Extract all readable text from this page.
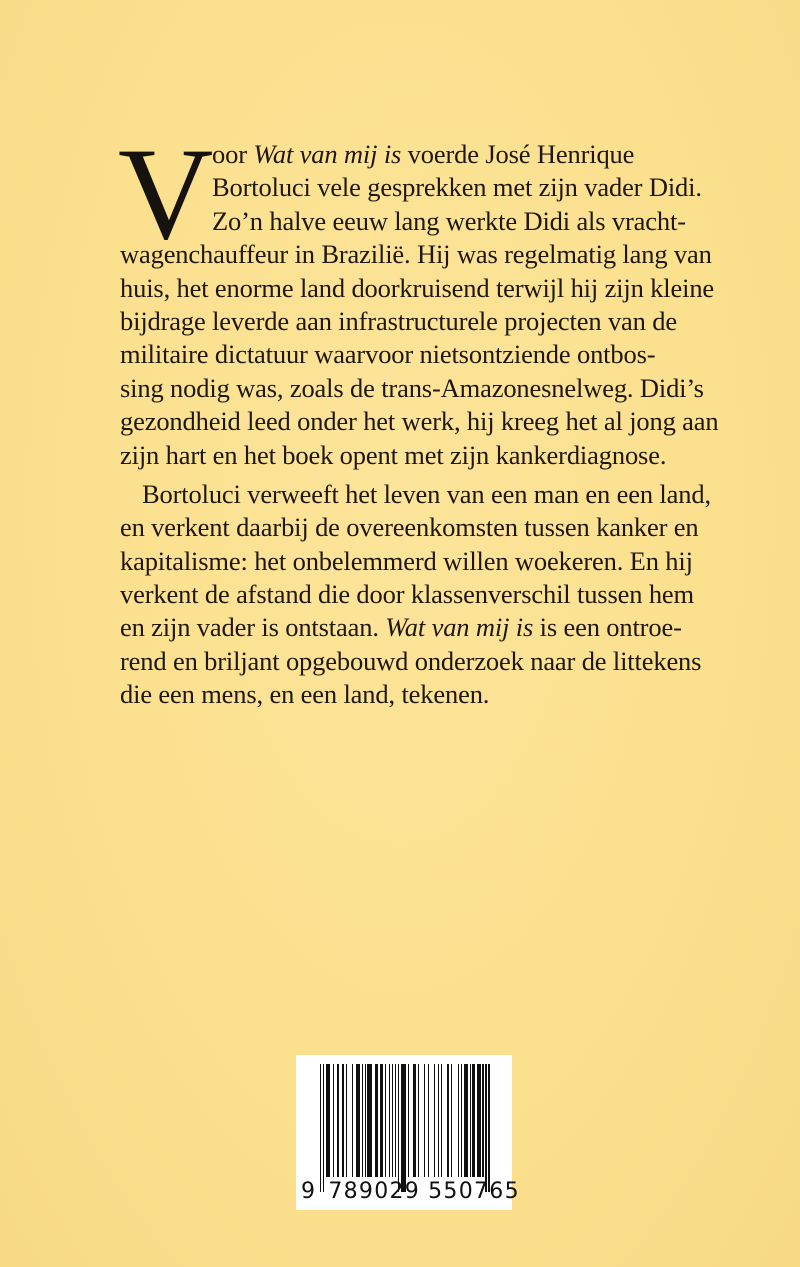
V
oor Wat van mij is voerde José Henrique
Bortoluci vele gesprekken met zijn vader Didi.
Zo’n halve eeuw lang werkte Didi als vracht-
wagenchauffeur in Brazilië. Hij was regelmatig lang van
huis, het enorme land doorkruisend terwijl hij zijn kleine
bijdrage leverde aan infrastructurele projecten van de
militaire dictatuur waarvoor nietsontziende ontbos-
sing nodig was, zoals de trans-Amazonesnelweg. Didi’s
gezondheid leed onder het werk, hij kreeg het al jong aan
zijn hart en het boek opent met zijn kankerdiagnose.
Bortoluci verweeft het leven van een man en een land,
en verkent daarbij de overeenkomsten tussen kanker en
kapitalisme: het onbelemmerd willen woekeren. En hij
verkent de afstand die door klassenverschil tussen hem
en zijn vader is ontstaan. Wat van mij is is een ontroe-
rend en briljant opgebouwd onderzoek naar de littekens
die een mens, en een land, tekenen.
9 789029 550765
